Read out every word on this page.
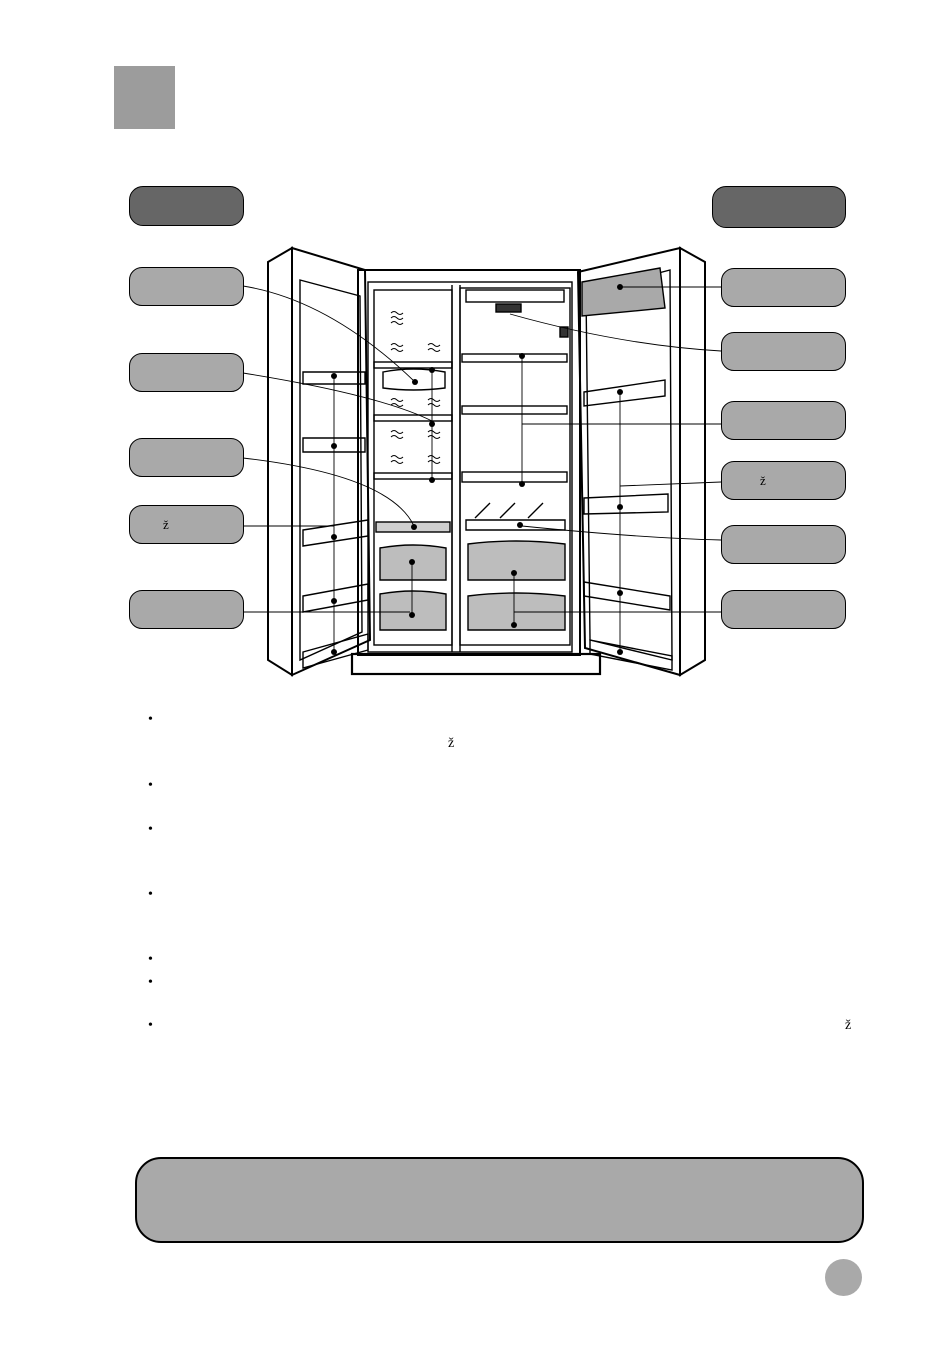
ž
ž
•
ž
•
•
•
•
•
•	ž
